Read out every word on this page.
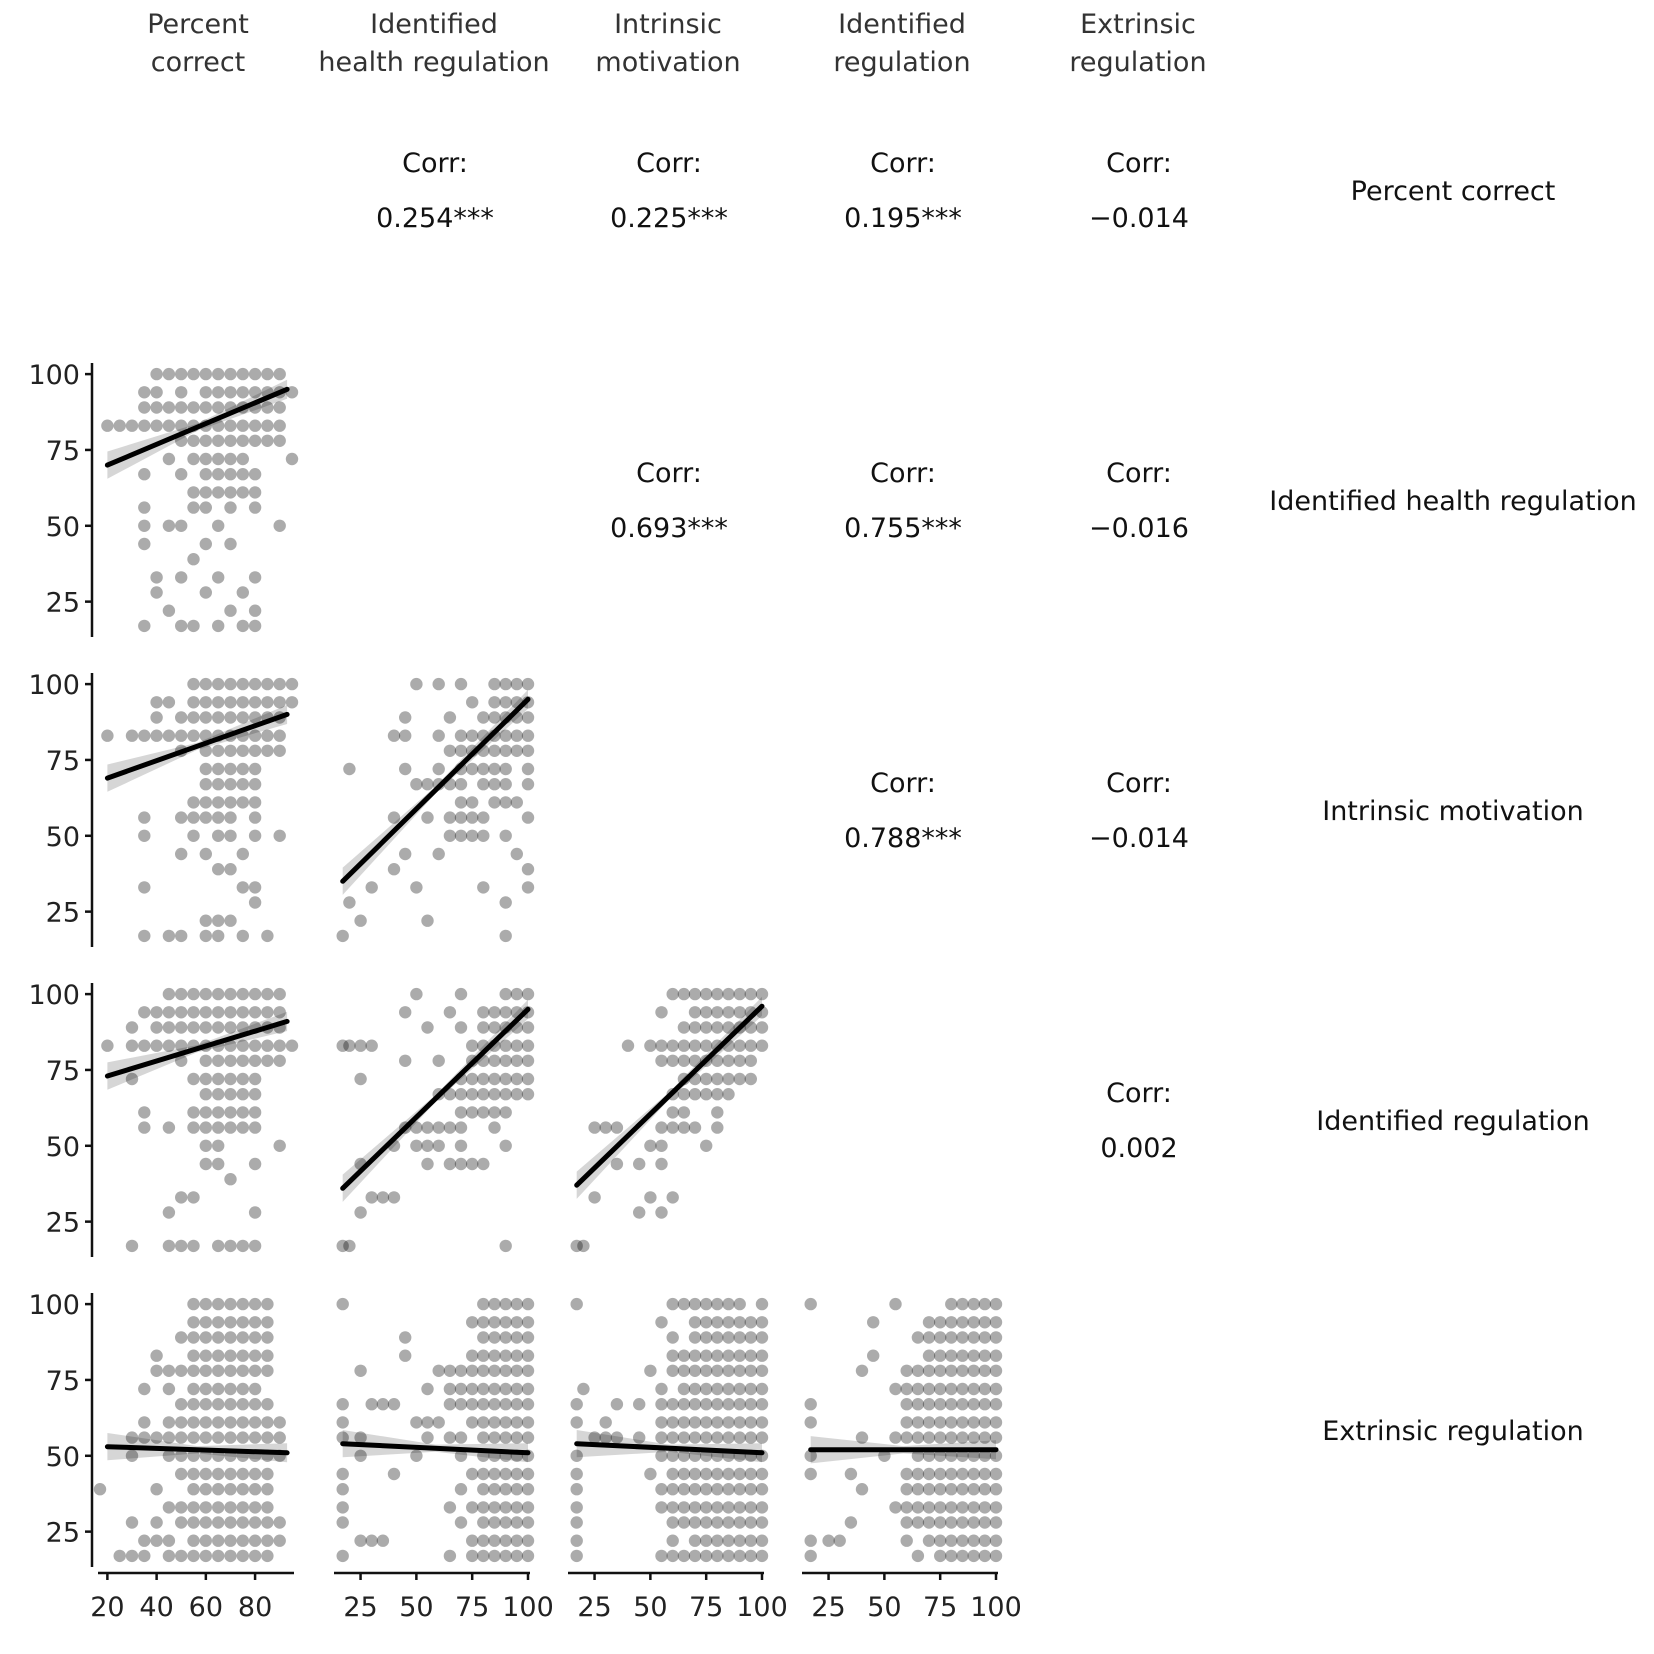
Percent
correct
Identified
health regulation
Intrinsic
motivation
Identified
regulation
Extrinsic
regulation
Percent correct
Identified health regulation
Intrinsic motivation
Identified regulation
Extrinsic regulation
Corr:
0.254***
Corr:
0.225***
Corr:
0.195***
Corr:
−0.014
Corr:
0.693***
Corr:
0.755***
Corr:
−0.016
Corr:
0.788***
Corr:
−0.014
Corr:
0.002
25
50
75
100
25
50
75
100
25
50
75
100
25
50
75
100
20 40 60 80	25 50 75 100 25 50 75 100 25 50 75 100
